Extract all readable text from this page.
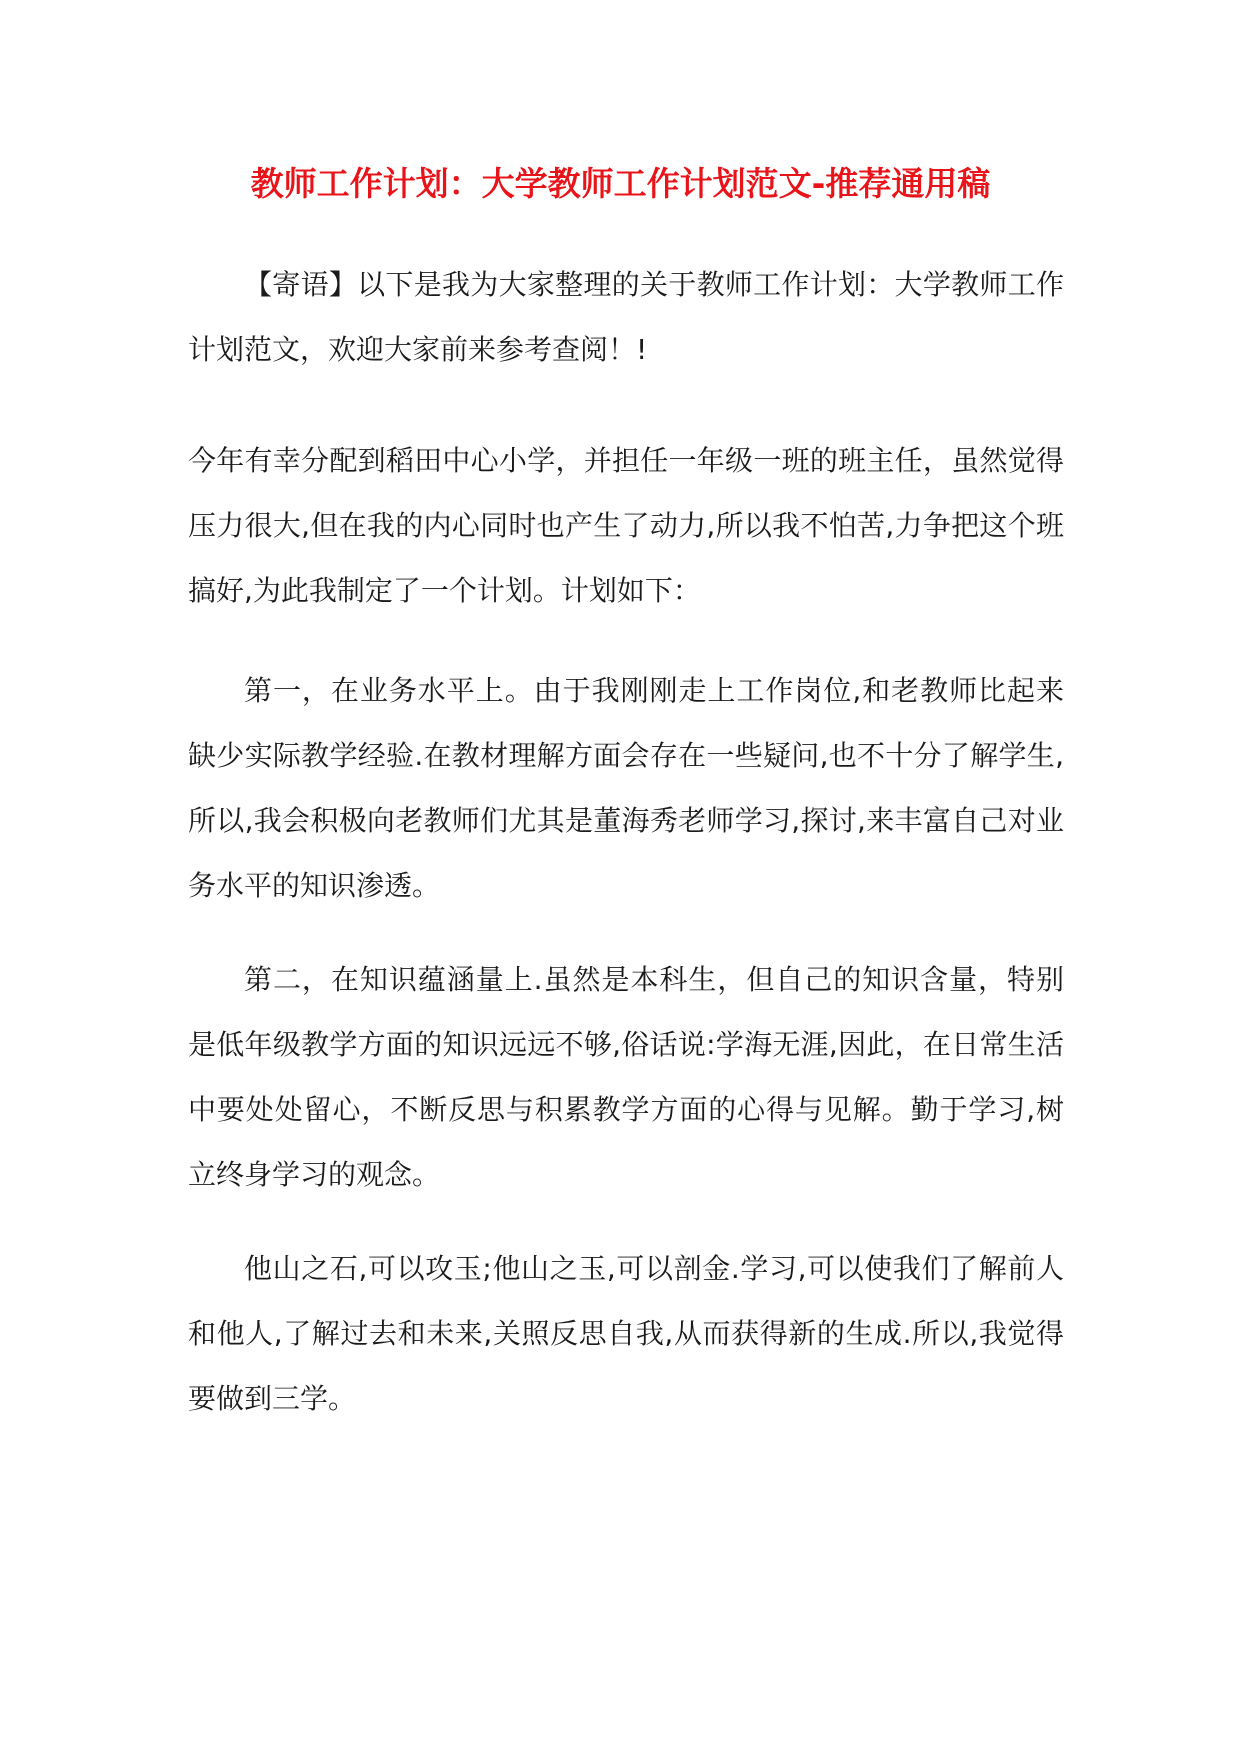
教师工作计划：大学教师工作计划范文-推荐通用稿

【寄语】以下是我为大家整理的关于教师工作计划：大学教师工作计划范文，欢迎大家前来参考查阅！!

今年有幸分配到稻田中心小学，并担任一年级一班的班主任，虽然觉得压力很大,但在我的内心同时也产生了动力,所以我不怕苦,力争把这个班搞好,为此我制定了一个计划。计划如下：

第一，在业务水平上。由于我刚刚走上工作岗位,和老教师比起来缺少实际教学经验.在教材理解方面会存在一些疑问,也不十分了解学生,所以,我会积极向老教师们尤其是董海秀老师学习,探讨,来丰富自己对业务水平的知识渗透。

第二，在知识蕴涵量上.虽然是本科生，但自己的知识含量，特别是低年级教学方面的知识远远不够,俗话说:学海无涯,因此，在日常生活中要处处留心，不断反思与积累教学方面的心得与见解。勤于学习,树立终身学习的观念。

他山之石,可以攻玉;他山之玉,可以剖金.学习,可以使我们了解前人和他人,了解过去和未来,关照反思自我,从而获得新的生成.所以,我觉得要做到三学。
